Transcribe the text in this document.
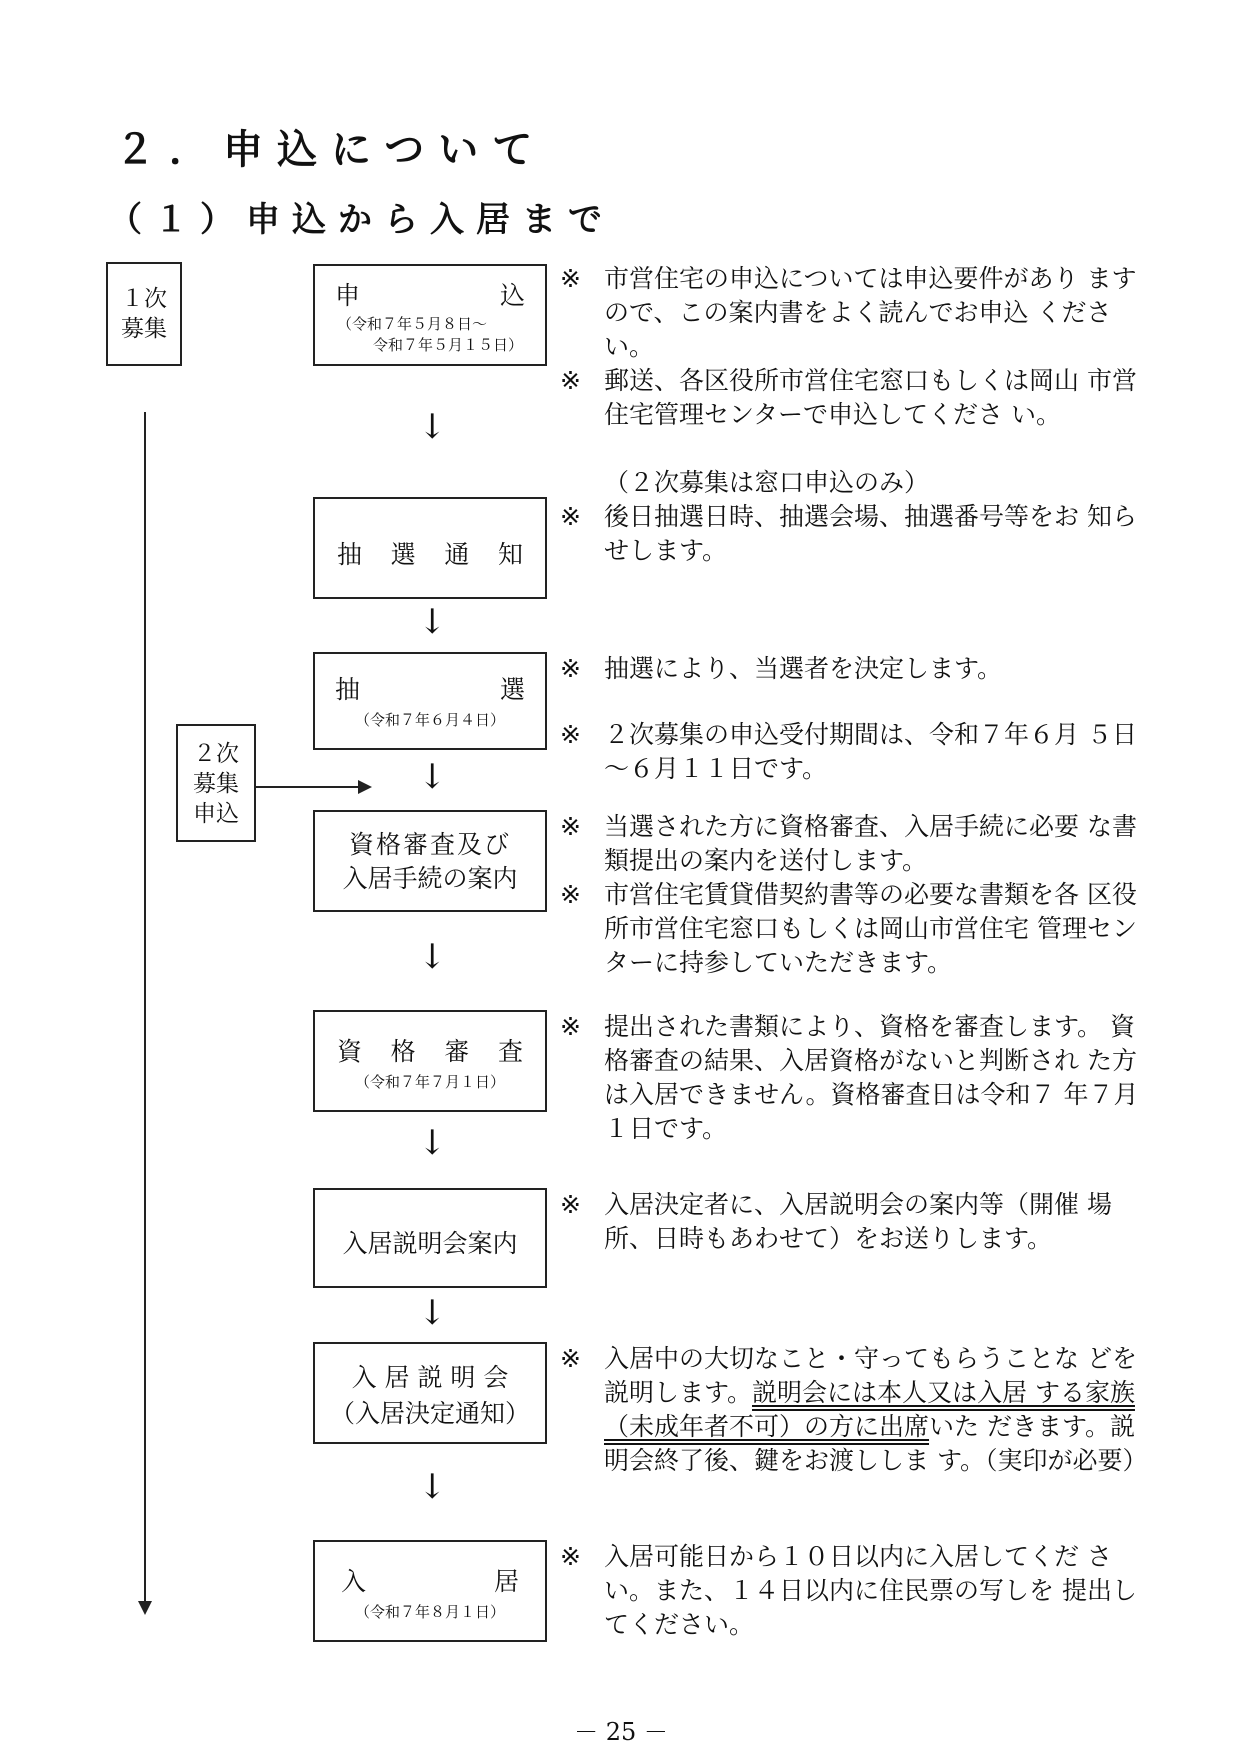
２．申込について
（１）申込から入居まで
１次
募集
２次
募集
申込
申	込
（令和７年５月８日～
令和７年５月１５日）
↓
抽 選 通 知
↓
抽	選
（令和７年６月４日）
↓
資格審査及び
入居手続の案内
↓
資 格 審 査
（令和７年７月１日）
↓
入居説明会案内
↓
入 居 説 明 会
（入居決定通知）
↓
入	居
（令和７年８月１日）
※ 市営住宅の申込については申込要件があり ますので、この案内書をよく読んでお申込 ください。
※ 郵送、各区役所市営住宅窓口もしくは岡山 市営住宅管理センターで申込してくださ い。
（２次募集は窓口申込のみ）
※ 後日抽選日時、抽選会場、抽選番号等をお 知らせします。
※ 抽選により、当選者を決定します。
※ ２次募集の申込受付期間は、令和７年６月 ５日～６月１１日です。
※ 当選された方に資格審査、入居手続に必要 な書類提出の案内を送付します。
※ 市営住宅賃貸借契約書等の必要な書類を各 区役所市営住宅窓口もしくは岡山市営住宅 管理センターに持参していただきます。
※ 提出された書類により、資格を審査します。 資格審査の結果、入居資格がないと判断され た方は入居できません。資格審査日は令和７ 年７月１日です。
※ 入居決定者に、入居説明会の案内等（開催 場所、日時もあわせて）をお送りします。
※ 入居中の大切なこと・守ってもらうことな どを説明します。説明会には本人又は入居 する家族（未成年者不可）の方に出席いた だきます。説明会終了後、鍵をお渡ししま す。（実印が必要）
※ 入居可能日から１０日以内に入居してくだ さい。また、１４日以内に住民票の写しを 提出してください。
－ 25 －
